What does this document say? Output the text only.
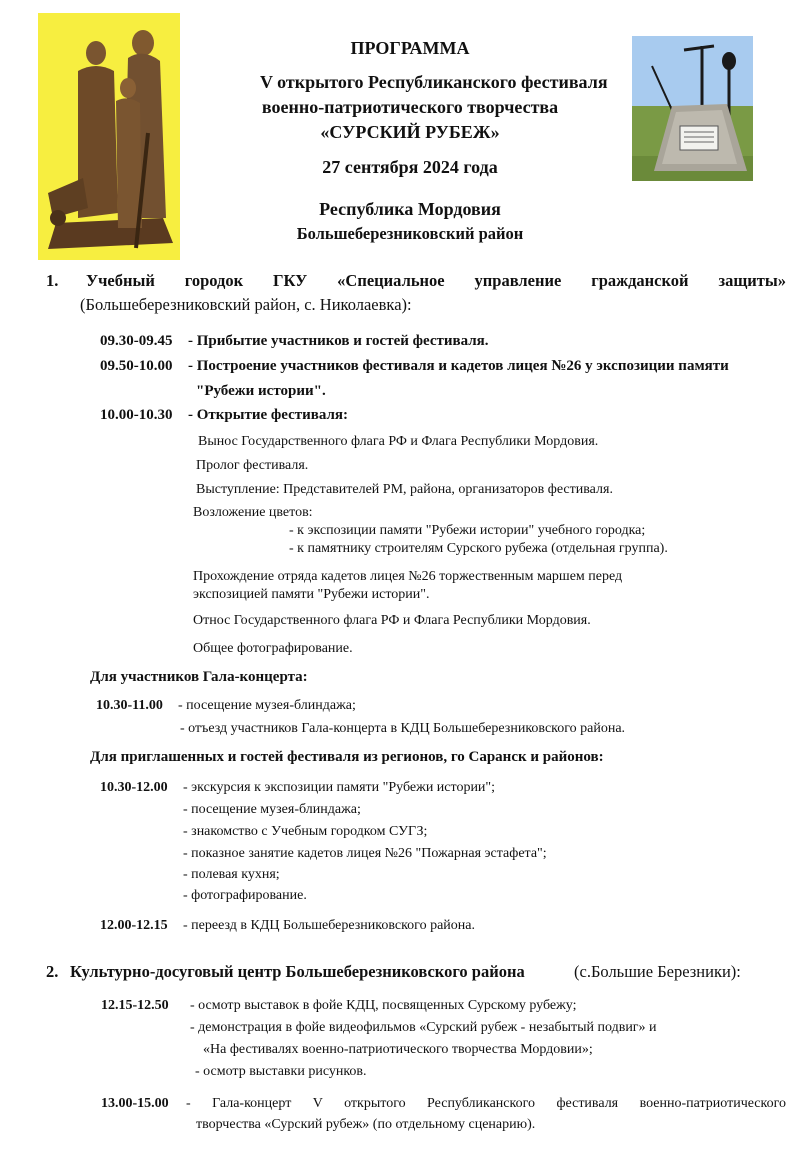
ПРОГРАММА
V открытого Республиканского фестиваля
военно-патриотического творчества
«СУРСКИЙ РУБЕЖ»
27 сентября 2024 года
Республика Мордовия
Большеберезниковский район
1. Учебный городок ГКУ «Специальное управление гражданской защиты»
(Большеберезниковский район, с. Николаевка):
09.30-09.45 - Прибытие участников и гостей фестиваля.
09.50-10.00 - Построение участников фестиваля и кадетов лицея №26 у экспозиции памяти
"Рубежи истории".
10.00-10.30 - Открытие фестиваля:
Вынос Государственного флага РФ и Флага Республики Мордовия.
Пролог фестиваля.
Выступление: Представителей РМ, района, организаторов фестиваля.
Возложение цветов:
- к экспозиции памяти "Рубежи истории" учебного городка;
- к памятнику строителям Сурского рубежа (отдельная группа).
Прохождение отряда кадетов лицея №26 торжественным маршем перед
экспозицией памяти "Рубежи истории".
Относ Государственного флага РФ и Флага Республики Мордовия.
Общее фотографирование.
Для участников Гала-концерта:
10.30-11.00 - посещение музея-блиндажа;
- отъезд участников Гала-концерта в КДЦ Большеберезниковского района.
Для приглашенных и гостей фестиваля из регионов, го Саранск и районов:
10.30-12.00 - экскурсия к экспозиции памяти "Рубежи истории";
- посещение музея-блиндажа;
- знакомство с Учебным городком СУГЗ;
- показное занятие кадетов лицея №26 "Пожарная эстафета";
- полевая кухня;
- фотографирование.
12.00-12.15 - переезд в КДЦ Большеберезниковского района.
2. Культурно-досуговый центр Большеберезниковского района	(с.Большие Березники):
12.15-12.50 - осмотр выставок в фойе КДЦ, посвященных Сурскому рубежу;
- демонстрация в фойе видеофильмов «Сурский рубеж - незабытый подвиг» и
«На фестивалях военно-патриотического творчества Мордовии»;
- осмотр выставки рисунков.
13.00-15.00 - Гала-концерт V открытого Республиканского фестиваля военно-патриотического
творчества «Сурский рубеж» (по отдельному сценарию).
